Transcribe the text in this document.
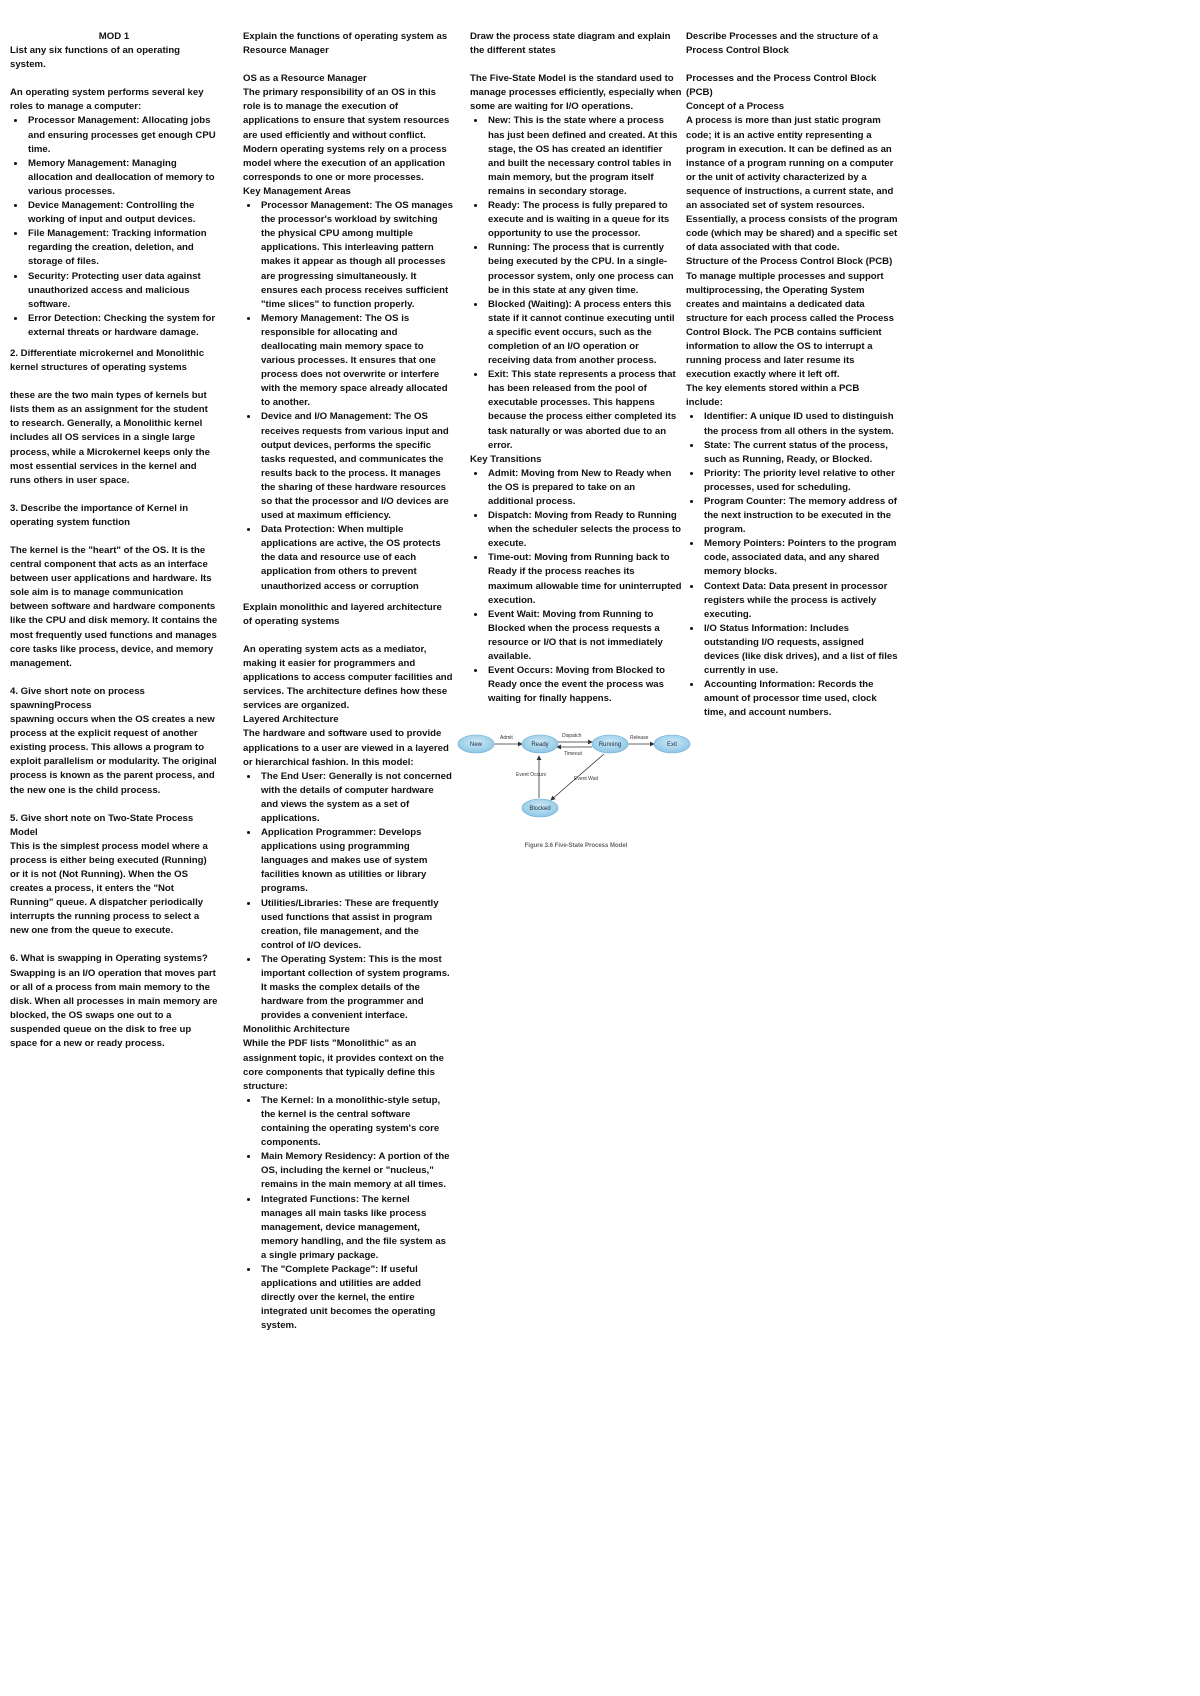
MOD 1

List any six functions of an operating system.

An operating system performs several key roles to manage a computer:

• Processor Management: Allocating jobs and ensuring processes get enough CPU time.
• Memory Management: Managing allocation and deallocation of memory to various processes.
• Device Management: Controlling the working of input and output devices.
• File Management: Tracking information regarding the creation, deletion, and storage of files.
• Security: Protecting user data against unauthorized access and malicious software.
• Error Detection: Checking the system for external threats or hardware damage.

2. Differentiate microkernel and Monolithic kernel structures of operating systems

these are the two main types of kernels but lists them as an assignment for the student to research. Generally, a Monolithic kernel includes all OS services in a single large process, while a Microkernel keeps only the most essential services in the kernel and runs others in user space.

3. Describe the importance of Kernel in operating system function

The kernel is the "heart" of the OS. It is the central component that acts as an interface between user applications and hardware. Its sole aim is to manage communication between software and hardware components like the CPU and disk memory. It contains the most frequently used functions and manages core tasks like process, device, and memory management.

4. Give short note on process spawningProcess

spawning occurs when the OS creates a new process at the explicit request of another existing process. This allows a program to exploit parallelism or modularity. The original process is known as the parent process, and the new one is the child process.

5. Give short note on Two-State Process Model

This is the simplest process model where a process is either being executed (Running) or it is not (Not Running). When the OS creates a process, it enters the "Not Running" queue. A dispatcher periodically interrupts the running process to select a new one from the queue to execute.

6. What is swapping in Operating systems?

Swapping is an I/O operation that moves part or all of a process from main memory to the disk. When all processes in main memory are blocked, the OS swaps one out to a suspended queue on the disk to free up space for a new or ready process.

Explain the functions of operating system as Resource Manager

OS as a Resource Manager

The primary responsibility of an OS in this role is to manage the execution of applications to ensure that system resources are used efficiently and without conflict. Modern operating systems rely on a process model where the execution of an application corresponds to one or more processes.

Key Management Areas

• Processor Management: The OS manages the processor's workload by switching the physical CPU among multiple applications. This interleaving pattern makes it appear as though all processes are progressing simultaneously. It ensures each process receives sufficient "time slices" to function properly.
• Memory Management: The OS is responsible for allocating and deallocating main memory space to various processes. It ensures that one process does not overwrite or interfere with the memory space already allocated to another.
• Device and I/O Management: The OS receives requests from various input and output devices, performs the specific tasks requested, and communicates the results back to the process. It manages the sharing of these hardware resources so that the processor and I/O devices are used at maximum efficiency.
• Data Protection: When multiple applications are active, the OS protects the data and resource use of each application from others to prevent unauthorized access or corruption

Explain monolithic and layered architecture of operating systems

An operating system acts as a mediator, making it easier for programmers and applications to access computer facilities and services. The architecture defines how these services are organized.

Layered Architecture

The hardware and software used to provide applications to a user are viewed in a layered or hierarchical fashion. In this model:

• The End User: Generally is not concerned with the details of computer hardware and views the system as a set of applications.
• Application Programmer: Develops applications using programming languages and makes use of system facilities known as utilities or library programs.
• Utilities/Libraries: These are frequently used functions that assist in program creation, file management, and the control of I/O devices.
• The Operating System: This is the most important collection of system programs. It masks the complex details of the hardware from the programmer and provides a convenient interface.

Monolithic Architecture

While the PDF lists "Monolithic" as an assignment topic, it provides context on the core components that typically define this structure:

• The Kernel: In a monolithic-style setup, the kernel is the central software containing the operating system's core components.
• Main Memory Residency: A portion of the OS, including the kernel or "nucleus," remains in the main memory at all times.
• Integrated Functions: The kernel manages all main tasks like process management, device management, memory handling, and the file system as a single primary package.
• The "Complete Package": If useful applications and utilities are added directly over the kernel, the entire integrated unit becomes the operating system.

Draw the process state diagram and explain the different states

The Five-State Model is the standard used to manage processes efficiently, especially when some are waiting for I/O operations.

• New: This is the state where a process has just been defined and created. At this stage, the OS has created an identifier and built the necessary control tables in main memory, but the program itself remains in secondary storage.
• Ready: The process is fully prepared to execute and is waiting in a queue for its opportunity to use the processor.
• Running: The process that is currently being executed by the CPU. In a single-processor system, only one process can be in this state at any given time.
• Blocked (Waiting): A process enters this state if it cannot continue executing until a specific event occurs, such as the completion of an I/O operation or receiving data from another process.
• Exit: This state represents a process that has been released from the pool of executable processes. This happens because the process either completed its task naturally or was aborted due to an error.

Key Transitions

• Admit: Moving from New to Ready when the OS is prepared to take on an additional process.
• Dispatch: Moving from Ready to Running when the scheduler selects the process to execute.
• Time-out: Moving from Running back to Ready if the process reaches its maximum allowable time for uninterrupted execution.
• Event Wait: Moving from Running to Blocked when the process requests a resource or I/O that is not immediately available.
• Event Occurs: Moving from Blocked to Ready once the event the process was waiting for finally happens.
Admit	Dispatch	Release
Timeout
Event Wait
Event Occurs
New	Ready	Running	Exit
Blocked
Figure 3.6 Five-State Process Model

Describe Processes and the structure of a Process Control Block

Processes and the Process Control Block (PCB)

Concept of a Process

A process is more than just static program code; it is an active entity representing a program in execution. It can be defined as an instance of a program running on a computer or the unit of activity characterized by a sequence of instructions, a current state, and an associated set of system resources. Essentially, a process consists of the program code (which may be shared) and a specific set of data associated with that code.

Structure of the Process Control Block (PCB)

To manage multiple processes and support multiprocessing, the Operating System creates and maintains a dedicated data structure for each process called the Process Control Block. The PCB contains sufficient information to allow the OS to interrupt a running process and later resume its execution exactly where it left off.

The key elements stored within a PCB include:

• Identifier: A unique ID used to distinguish the process from all others in the system.
• State: The current status of the process, such as Running, Ready, or Blocked.
• Priority: The priority level relative to other processes, used for scheduling.
• Program Counter: The memory address of the next instruction to be executed in the program.
• Memory Pointers: Pointers to the program code, associated data, and any shared memory blocks.
• Context Data: Data present in processor registers while the process is actively executing.
• I/O Status Information: Includes outstanding I/O requests, assigned devices (like disk drives), and a list of files currently in use.
• Accounting Information: Records the amount of processor time used, clock time, and account numbers.
